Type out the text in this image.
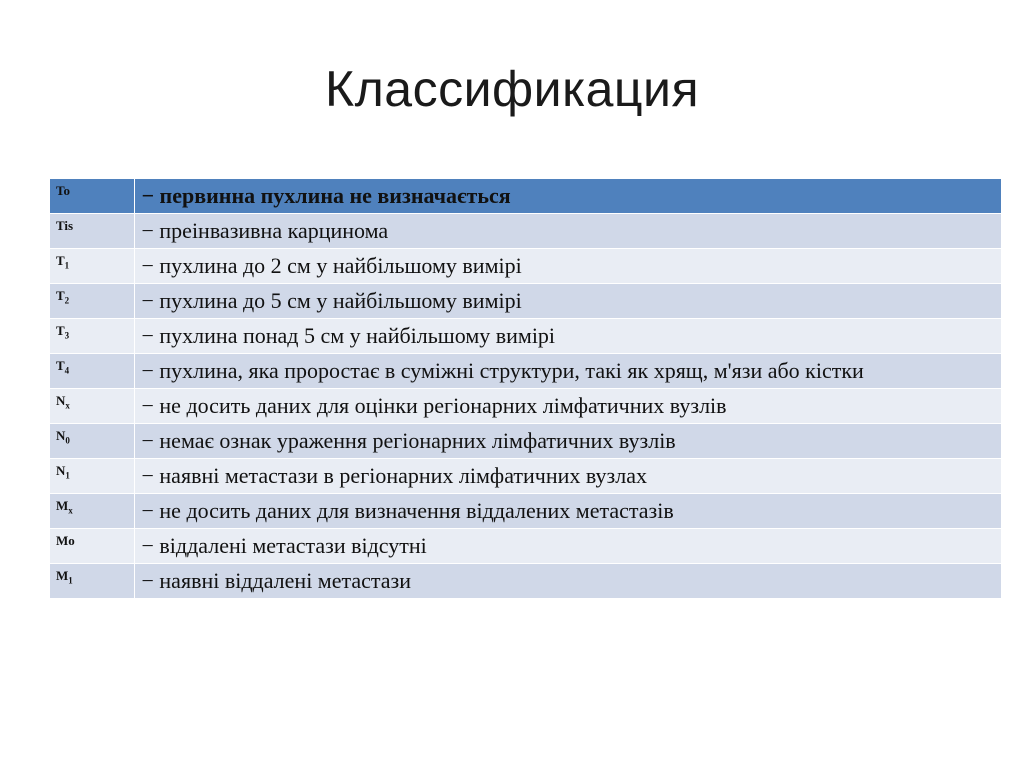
Классификация
To	− первинна пухлина не визначається
Tis	− преінвазивна карцинома
$T_1$	− пухлина до 2 см у найбільшому вимірі
$T_2$	− пухлина до 5 см у найбільшому вимірі
$T_3$	− пухлина понад 5 см у найбільшому вимірі
$T_4$	− пухлина, яка проростає в суміжні структури, такі як хрящ, м'язи або кістки
$N_x$	− не досить даних для оцінки регіонарних лімфатичних вузлів
$N_0$	− немає ознак ураження регіонарних лімфатичних вузлів
$N_1$	− наявні метастази в регіонарних лімфатичних вузлах
$M_x$	− не досить даних для визначення віддалених метастазів
Mo	− віддалені метастази відсутні
$M_1$	− наявні віддалені метастази
